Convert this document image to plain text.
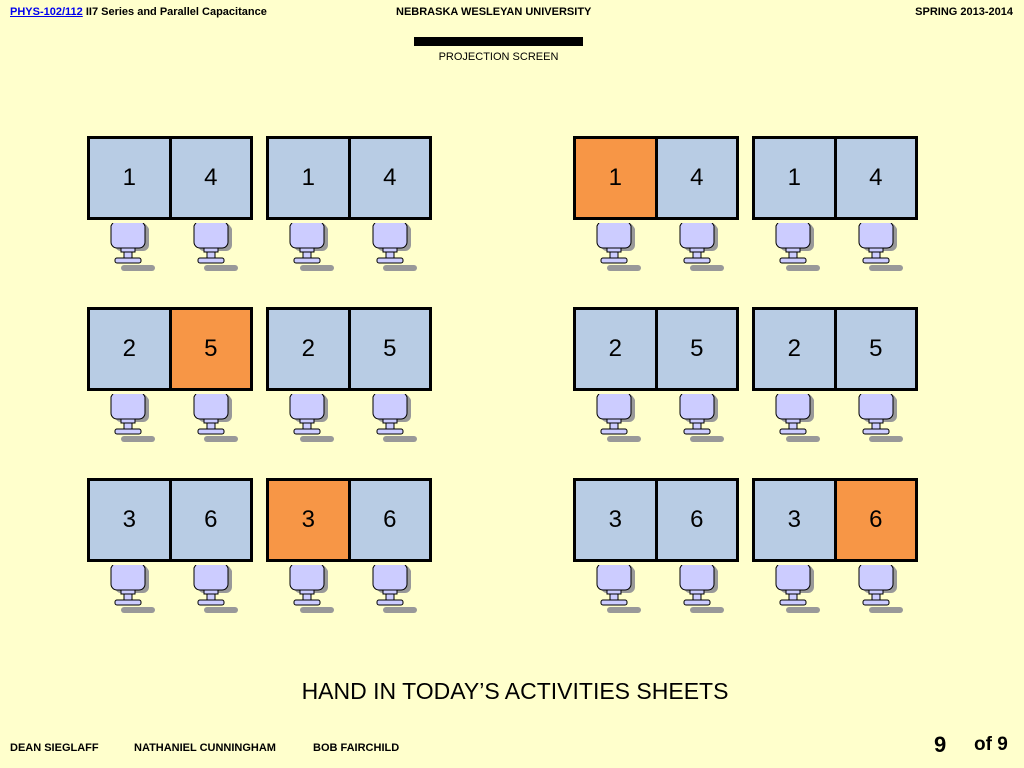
PHYS-102/112 II7 Series and Parallel Capacitance	NEBRASKA WESLEYAN UNIVERSITY	SPRING 2013-2014
PROJECTION SCREEN
1	4	1	4	1	4	1	4
2	5	2	5	2	5	2	5
3	6	3	6	3	6	3	6
HAND IN TODAY’S ACTIVITIES SHEETS
DEAN SIEGLAFF	NATHANIEL CUNNINGHAM	BOB FAIRCHILD	9 of 9
